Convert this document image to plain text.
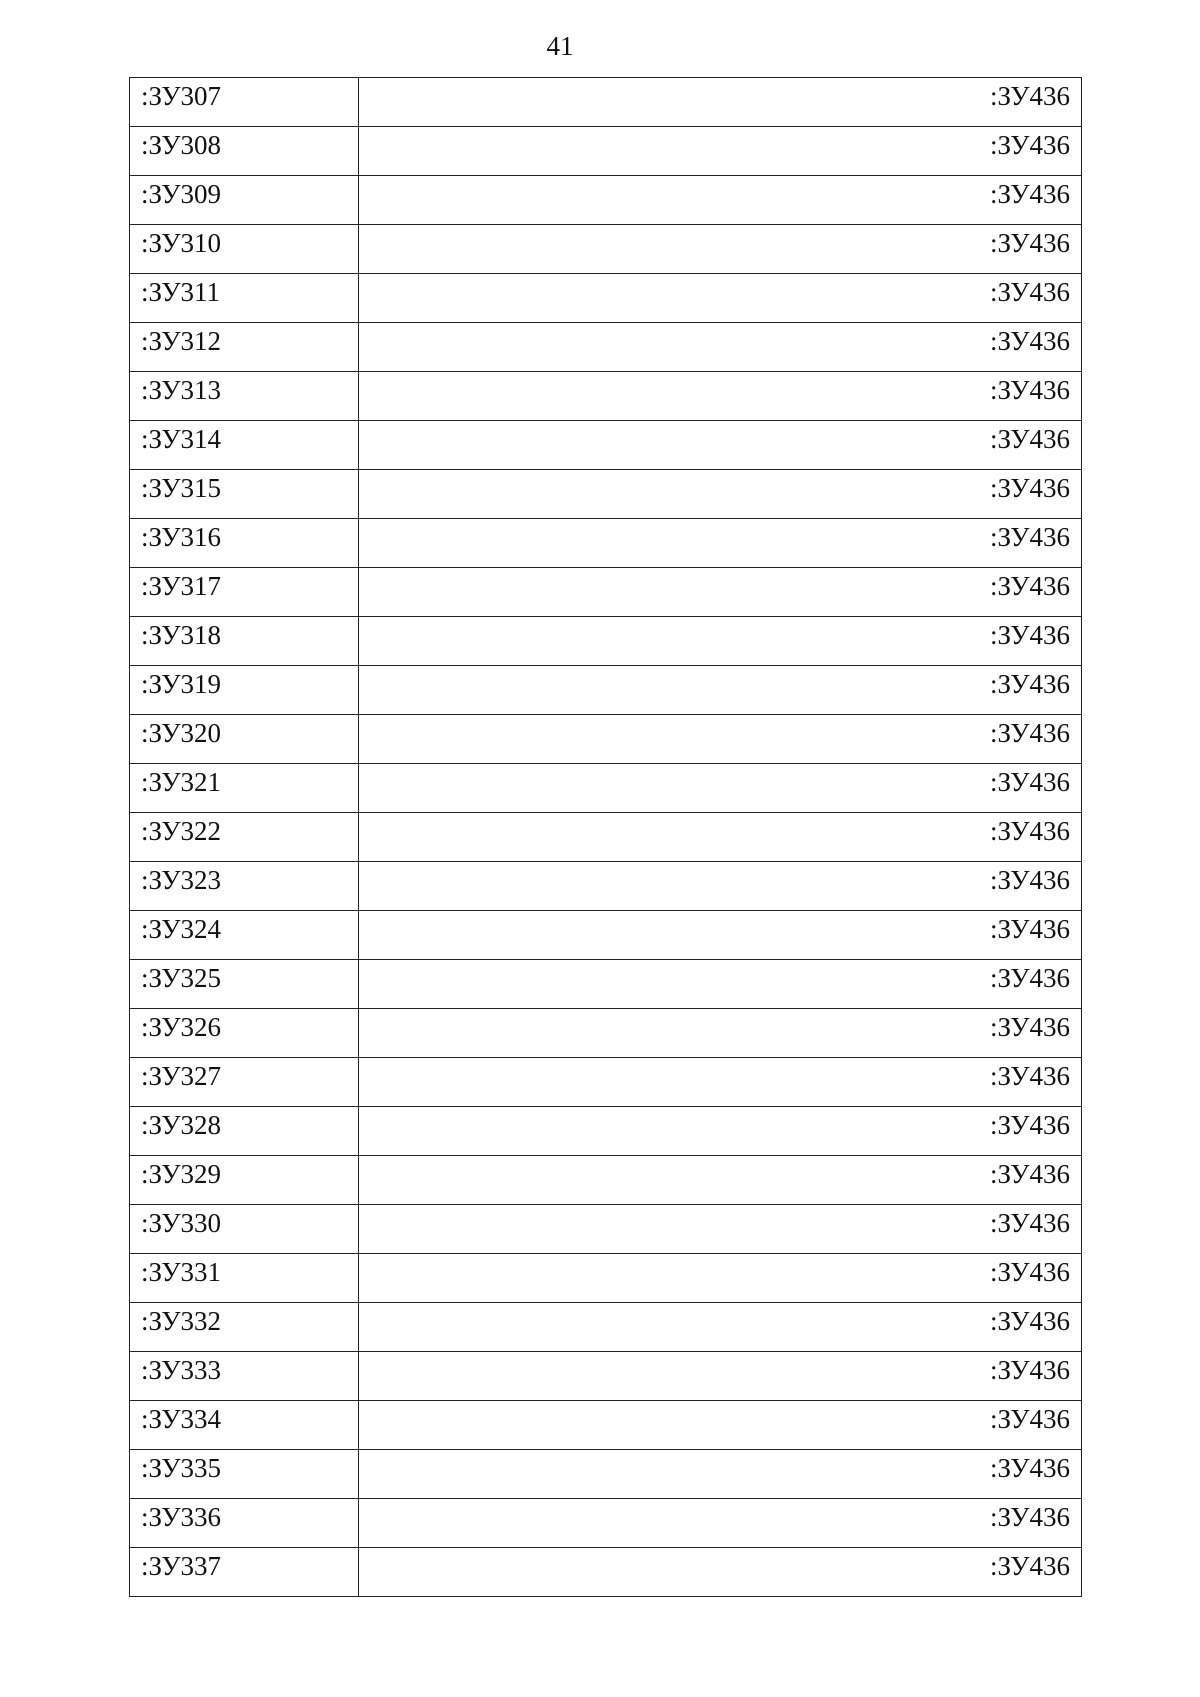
41
:ЗУ307	:ЗУ436
:ЗУ308	:ЗУ436
:ЗУ309	:ЗУ436
:ЗУ310	:ЗУ436
:ЗУ311	:ЗУ436
:ЗУ312	:ЗУ436
:ЗУ313	:ЗУ436
:ЗУ314	:ЗУ436
:ЗУ315	:ЗУ436
:ЗУ316	:ЗУ436
:ЗУ317	:ЗУ436
:ЗУ318	:ЗУ436
:ЗУ319	:ЗУ436
:ЗУ320	:ЗУ436
:ЗУ321	:ЗУ436
:ЗУ322	:ЗУ436
:ЗУ323	:ЗУ436
:ЗУ324	:ЗУ436
:ЗУ325	:ЗУ436
:ЗУ326	:ЗУ436
:ЗУ327	:ЗУ436
:ЗУ328	:ЗУ436
:ЗУ329	:ЗУ436
:ЗУ330	:ЗУ436
:ЗУ331	:ЗУ436
:ЗУ332	:ЗУ436
:ЗУ333	:ЗУ436
:ЗУ334	:ЗУ436
:ЗУ335	:ЗУ436
:ЗУ336	:ЗУ436
:ЗУ337	:ЗУ436
